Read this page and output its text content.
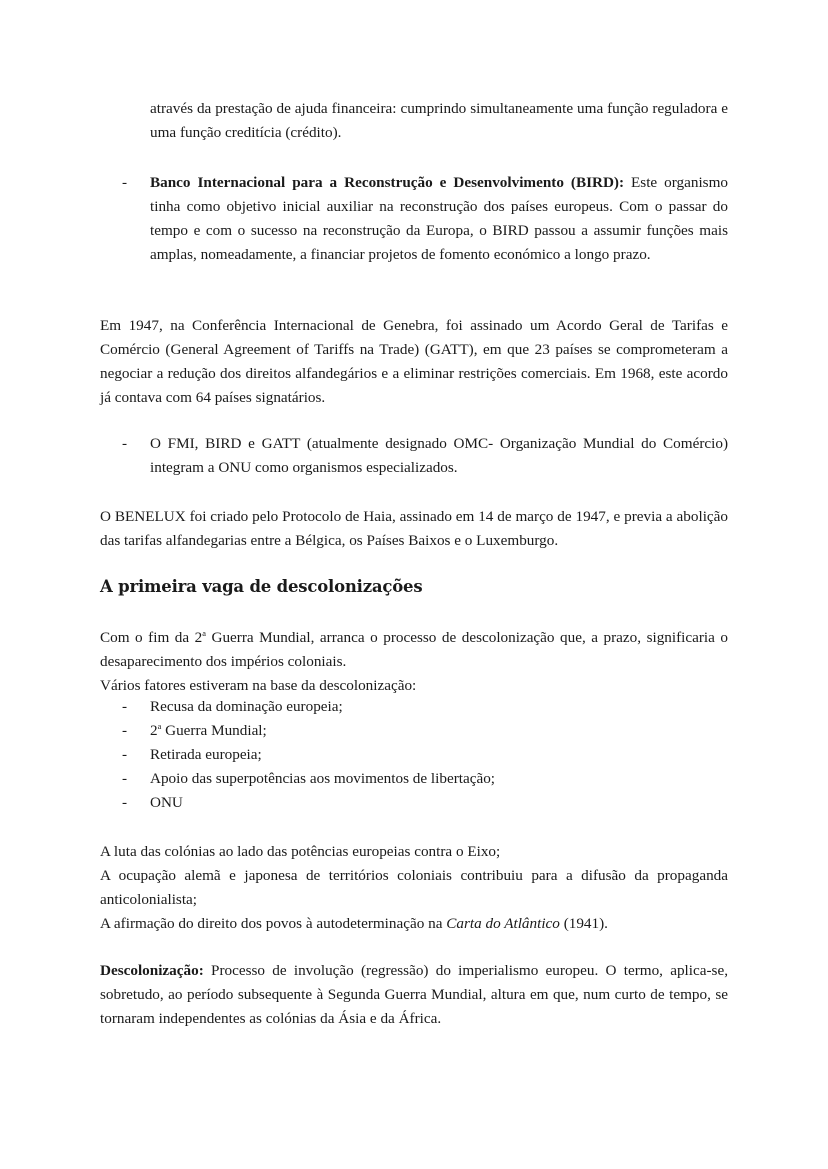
através da prestação de ajuda financeira: cumprindo simultaneamente uma função reguladora e uma função creditícia (crédito).

-	Banco Internacional para a Reconstrução e Desenvolvimento (BIRD): Este organismo tinha como objetivo inicial auxiliar na reconstrução dos países europeus. Com o passar do tempo e com o sucesso na reconstrução da Europa, o BIRD passou a assumir funções mais amplas, nomeadamente, a financiar projetos de fomento económico a longo prazo.

Em 1947, na Conferência Internacional de Genebra, foi assinado um Acordo Geral de Tarifas e Comércio (General Agreement of Tariffs na Trade) (GATT), em que 23 países se comprometeram a negociar a redução dos direitos alfandegários e a eliminar restrições comerciais. Em 1968, este acordo já contava com 64 países signatários.

-	O FMI, BIRD e GATT (atualmente designado OMC- Organização Mundial do Comércio) integram a ONU como organismos especializados.

O BENELUX foi criado pelo Protocolo de Haia, assinado em 14 de março de 1947, e previa a abolição das tarifas alfandegarias entre a Bélgica, os Países Baixos e o Luxemburgo.

A primeira vaga de descolonizações

Com o fim da 2$^a$ Guerra Mundial, arranca o processo de descolonização que, a prazo, significaria o desaparecimento dos impérios coloniais.

Vários fatores estiveram na base da descolonização:

-	Recusa da dominação europeia;
-	2$^a$ Guerra Mundial;
-	Retirada europeia;
-	Apoio das superpotências aos movimentos de libertação;
-	ONU

A luta das colónias ao lado das potências europeias contra o Eixo;

A ocupação alemã e japonesa de territórios coloniais contribuiu para a difusão da propaganda anticolonialista;

A afirmação do direito dos povos à autodeterminação na Carta do Atlântico (1941).

Descolonização: Processo de involução (regressão) do imperialismo europeu. O termo, aplica-se, sobretudo, ao período subsequente à Segunda Guerra Mundial, altura em que, num curto de tempo, se tornaram independentes as colónias da Ásia e da África.
